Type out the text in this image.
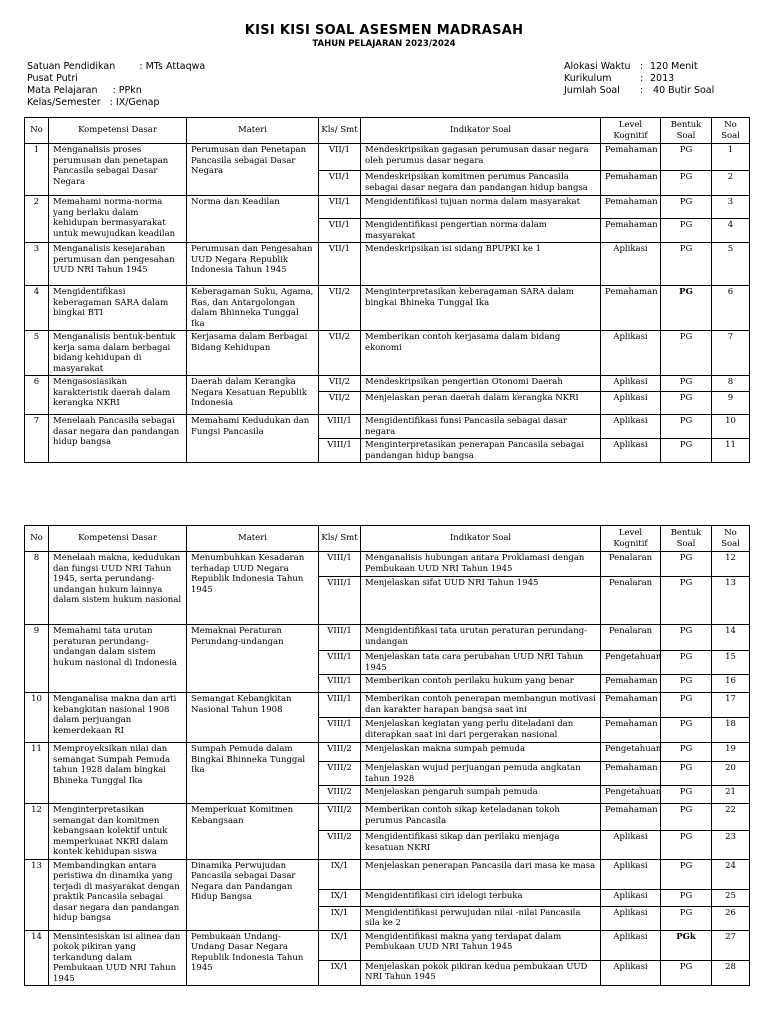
KISI KISI SOAL ASESMEN MADRASAH
TAHUN PELAJARAN 2023/2024
Satuan Pendidikan        : MTs Attaqwa
Pusat Putri
Mata Pelajaran     : PPkn
Kelas/Semester   : IX/Genap
Alokasi Waktu : 120 Menit
Kurikulum	: 2013
Jumlah Soal	: 40 Butir Soal
No	Kompetensi Dasar	Materi	Kls/ Smt	Indikator Soal	Level Kognitif	Bentuk Soal	No Soal
1	Menganalisis proses perumusan dan penetapan Pancasila sebagai Dasar Negara	Perumusan dan Penetapan Pancasila sebagai Dasar Negara	VII/1	Mendeskripsikan gagasan perumusan dasar negara oleh perumus dasar negara	Pemahaman	PG	1
			VII/1	Mendeskripsikan komitmen perumus Pancasila sebagai dasar negara dan pandangan hidup bangsa	Pemahaman	PG	2
2	Memahami norma-norma yang berlaku dalam kehidupan bermasyarakat untuk mewujudkan keadilan	Norma dan Keadilan	VII/1	Mengidentifikasi tujuan norma dalam masyarakat	Pemahaman	PG	3
			VII/1	Mengidentifikasi pengertian norma dalam masyarakat	Pemahaman	PG	4
3	Menganalisis kesejarahan perumusan dan pengesahan UUD NRI Tahun 1945	Perumusan dan Pengesahan UUD Negara Republik Indonesia Tahun 1945	VII/1	Mendeskripsikan isi sidang BPUPKI ke 1	Aplikasi	PG	5
4	Mengidentifikasi keberagaman SARA dalam bingkai BTI	Keberagaman Suku, Agama, Ras, dan Antargolongan dalam Bhinneka Tunggal Ika	VII/2	Menginterpretasikan keberagaman SARA dalam bingkai Bhineka Tunggal Ika	Pemahaman	PG	6
5	Menganalisis bentuk-bentuk kerja sama dalam berbagai bidang kehidupan di masyarakat	Kerjasama dalam Berbagai Bidang Kehidupan	VII/2	Memberikan contoh kerjasama dalam bidang ekonomi	Aplikasi	PG	7
6	Mengasosiasikan karakteristik daerah dalam kerangka NKRI	Daerah dalam Kerangka Negara Kesatuan Republik Indonesia	VII/2	Mendeskripsikan pengertian Otonomi Daerah	Aplikasi	PG	8
			VII/2	Menjelaskan peran daerah dalam kerangka NKRI	Aplikasi	PG	9
7	Menelaah Pancasila sebagai dasar negara dan pandangan hidup bangsa	Memahami Kedudukan dan Fungsi Pancasila	VIII/1	Mengidentifikasi funsi Pancasila sebagai dasar negara	Aplikasi	PG	10
			VIII/1	Menginterpretasikan penerapan Pancasila sebagai pandangan hidup bangsa	Aplikasi	PG	11
No	Kompetensi Dasar	Materi	Kls/ Smt	Indikator Soal	Level Kognitif	Bentuk Soal	No Soal
8	Menelaah makna, kedudukan dan fungsi UUD NRI Tahun 1945, serta perundang-undangan hukum lainnya dalam sistem hukum nasional	Menumbuhkan Kesadaran terhadap UUD Negara Republik Indonesia Tahun 1945	VIII/1	Menganalisis hubungan antara Proklamasi dengan Pembukaan UUD NRI Tahun 1945	Penalaran	PG	12
			VIII/1	Menjelaskan sifat UUD NRI Tahun 1945	Penalaran	PG	13
9	Memahami tata urutan peraturan perundang-undangan dalam sistem hukum nasional di Indonesia	Memaknai Peraturan Perundang-undangan	VIII/1	Mengidentifikasi tata urutan peraturan perundang-undangan	Penalaran	PG	14
			VIII/1	Menjelaskan tata cara perubahan UUD NRI Tahun 1945	Pengetahuan	PG	15
			VIII/1	Memberikan contoh perilaku hukum yang benar	Pemahaman	PG	16
10	Menganalisa makna dan arti kebangkitan nasional 1908 dalam perjuangan kemerdekaan RI	Semangat Kebangkitan Nasional Tahun 1908	VIII/1	Memberikan contoh penerapan membangun motivasi dan karakter harapan bangsa saat ini	Pemahaman	PG	17
			VIII/1	Menjelaskan kegiatan yang perlu diteladani dan diterapkan saat ini dari pergerakan nasional	Pemahaman	PG	18
11	Memproyeksikan nilai dan semangat Sumpah Pemuda tahun 1928 dalam bingkai Bhineka Tunggal Ika	Sumpah Pemuda dalam Bingkai Bhinneka Tunggal Ika	VIII/2	Menjelaskan makna sumpah pemuda	Pengetahuan	PG	19
			VIII/2	Menjelaskan wujud perjuangan pemuda angkatan tahun 1928	Pemahaman	PG	20
			VIII/2	Menjelaskan pengaruh sumpah pemuda	Pengetahuan	PG	21
12	Menginterpretasikan semangat dan komitmen kebangsaan kolektif untuk memperkuaat NKRI dalam kontek kehidupan siswa	Memperkuat Komitmen Kebangsaan	VIII/2	Memberikan contoh sikap keteladanan tokoh perumus Pancasila	Pemahaman	PG	22
			VIII/2	Mengidentifikasi sikap dan perilaku menjaga kesatuan NKRI	Aplikasi	PG	23
13	Membandingkan antara peristiwa dn dinamika yang terjadi di masyarakat dengan praktik Pancasila sebagai dasar negara dan pandangan hidup bangsa	Dinamika Perwujudan Pancasila sebagai Dasar Negara dan Pandangan Hidup Bangsa	IX/1	Menjelaskan penerapan Pancasila dari masa ke masa	Aplikasi	PG	24
			IX/1	Mengidentifikasi ciri idelogi terbuka	Aplikasi	PG	25
			IX/1	Mengidentifikasi perwujudan nilai -nilai Pancasila sila ke 2	Aplikasi	PG	26
14	Mensintesiskan isi alinea dan pokok pikiran yang terkandung dalam Pembukaan UUD NRI Tahun 1945	Pembukaan Undang-Undang Dasar Negara Republik Indonesia Tahun 1945	IX/1	Mengidentifikasi makna yang terdapat dalam Pembukaan UUD NRI Tahun 1945	Aplikasi	PGk	27
			IX/1	Menjelaskan pokok pikiran kedua pembukaan UUD NRI Tahun 1945	Aplikasi	PG	28
